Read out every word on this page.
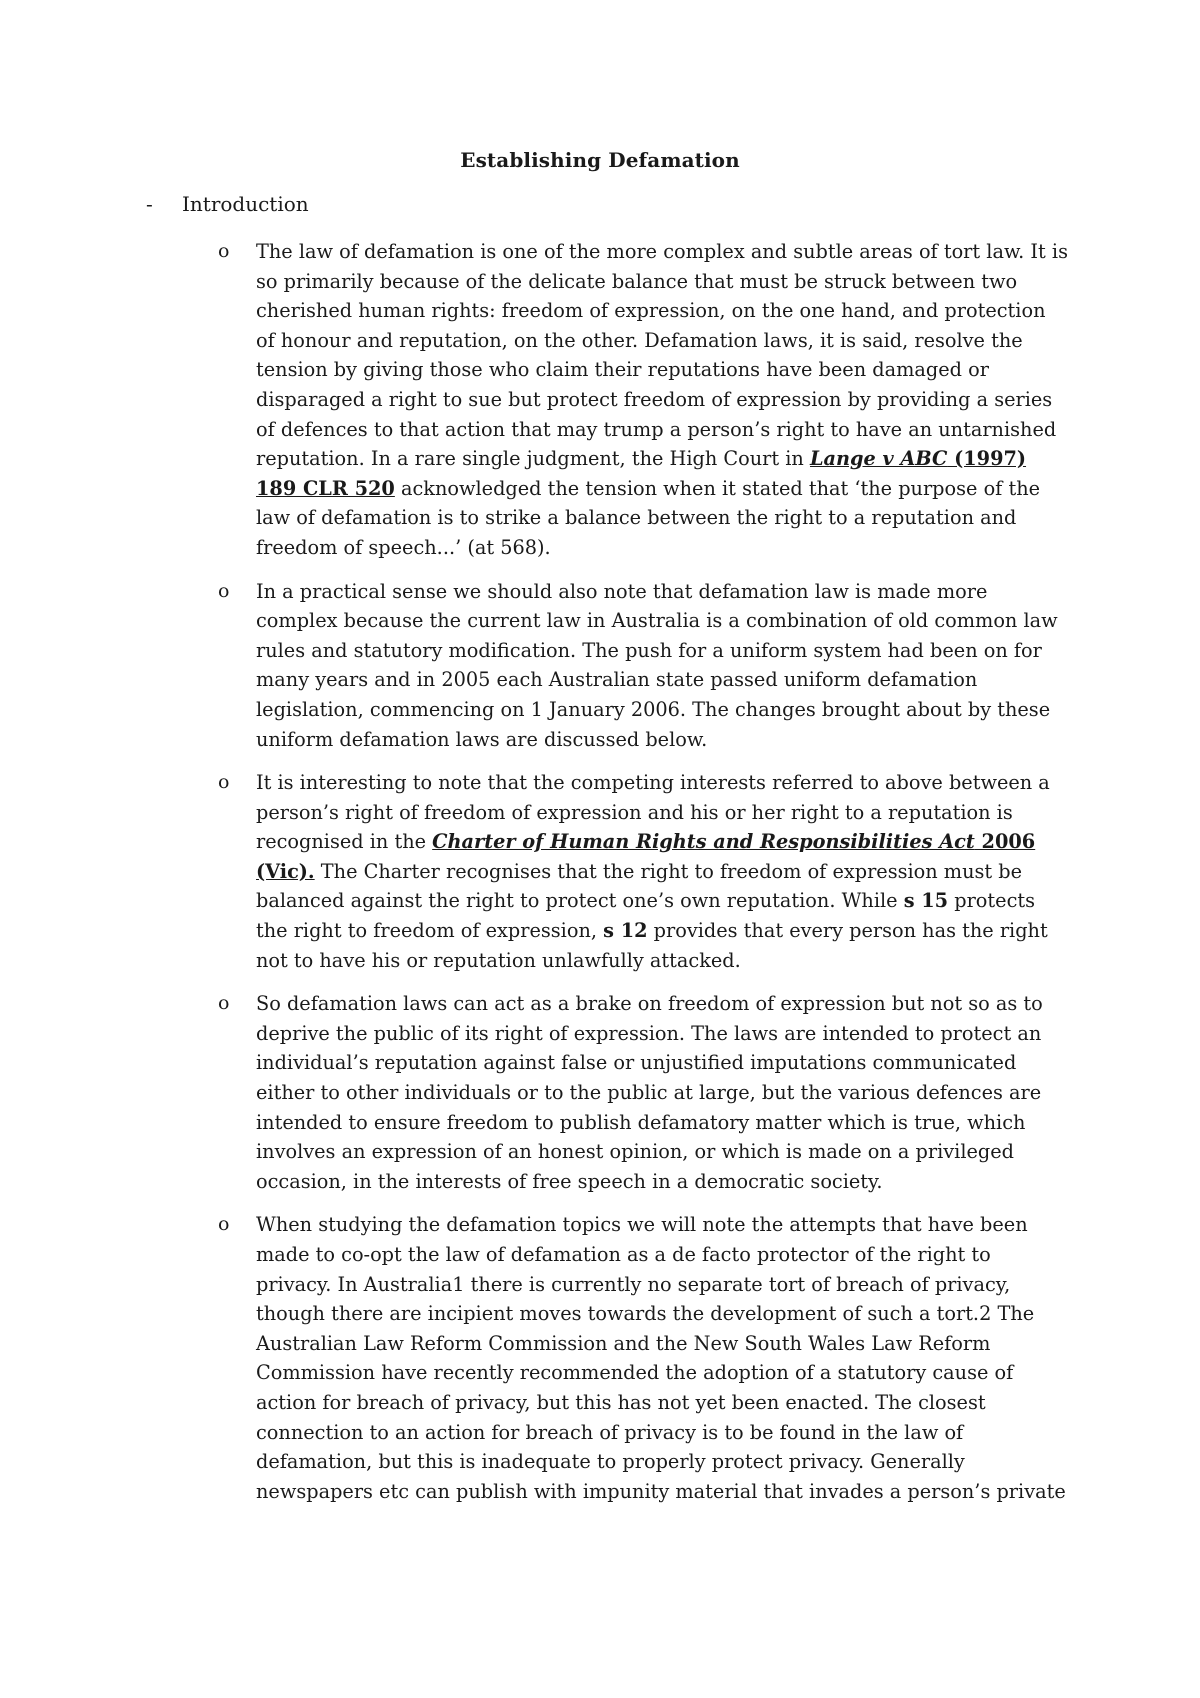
Establishing Defamation
- Introduction
o The law of defamation is one of the more complex and subtle areas of tort law. It is so primarily because of the delicate balance that must be struck between two cherished human rights: freedom of expression, on the one hand, and protection of honour and reputation, on the other. Defamation laws, it is said, resolve the tension by giving those who claim their reputations have been damaged or disparaged a right to sue but protect freedom of expression by providing a series of defences to that action that may trump a person’s right to have an untarnished reputation. In a rare single judgment, the High Court in Lange v ABC (1997) 189 CLR 520 acknowledged the tension when it stated that ‘the purpose of the law of defamation is to strike a balance between the right to a reputation and freedom of speech...’ (at 568).
o In a practical sense we should also note that defamation law is made more complex because the current law in Australia is a combination of old common law rules and statutory modification. The push for a uniform system had been on for many years and in 2005 each Australian state passed uniform defamation legislation, commencing on 1 January 2006. The changes brought about by these uniform defamation laws are discussed below.
o It is interesting to note that the competing interests referred to above between a person’s right of freedom of expression and his or her right to a reputation is recognised in the Charter of Human Rights and Responsibilities Act 2006 (Vic). The Charter recognises that the right to freedom of expression must be balanced against the right to protect one’s own reputation. While s 15 protects the right to freedom of expression, s 12 provides that every person has the right not to have his or reputation unlawfully attacked.
o So defamation laws can act as a brake on freedom of expression but not so as to deprive the public of its right of expression. The laws are intended to protect an individual’s reputation against false or unjustified imputations communicated either to other individuals or to the public at large, but the various defences are intended to ensure freedom to publish defamatory matter which is true, which involves an expression of an honest opinion, or which is made on a privileged occasion, in the interests of free speech in a democratic society.
o When studying the defamation topics we will note the attempts that have been made to co-opt the law of defamation as a de facto protector of the right to privacy. In Australia1 there is currently no separate tort of breach of privacy, though there are incipient moves towards the development of such a tort.2 The Australian Law Reform Commission and the New South Wales Law Reform Commission have recently recommended the adoption of a statutory cause of action for breach of privacy, but this has not yet been enacted. The closest connection to an action for breach of privacy is to be found in the law of defamation, but this is inadequate to properly protect privacy. Generally newspapers etc can publish with impunity material that invades a person’s private
